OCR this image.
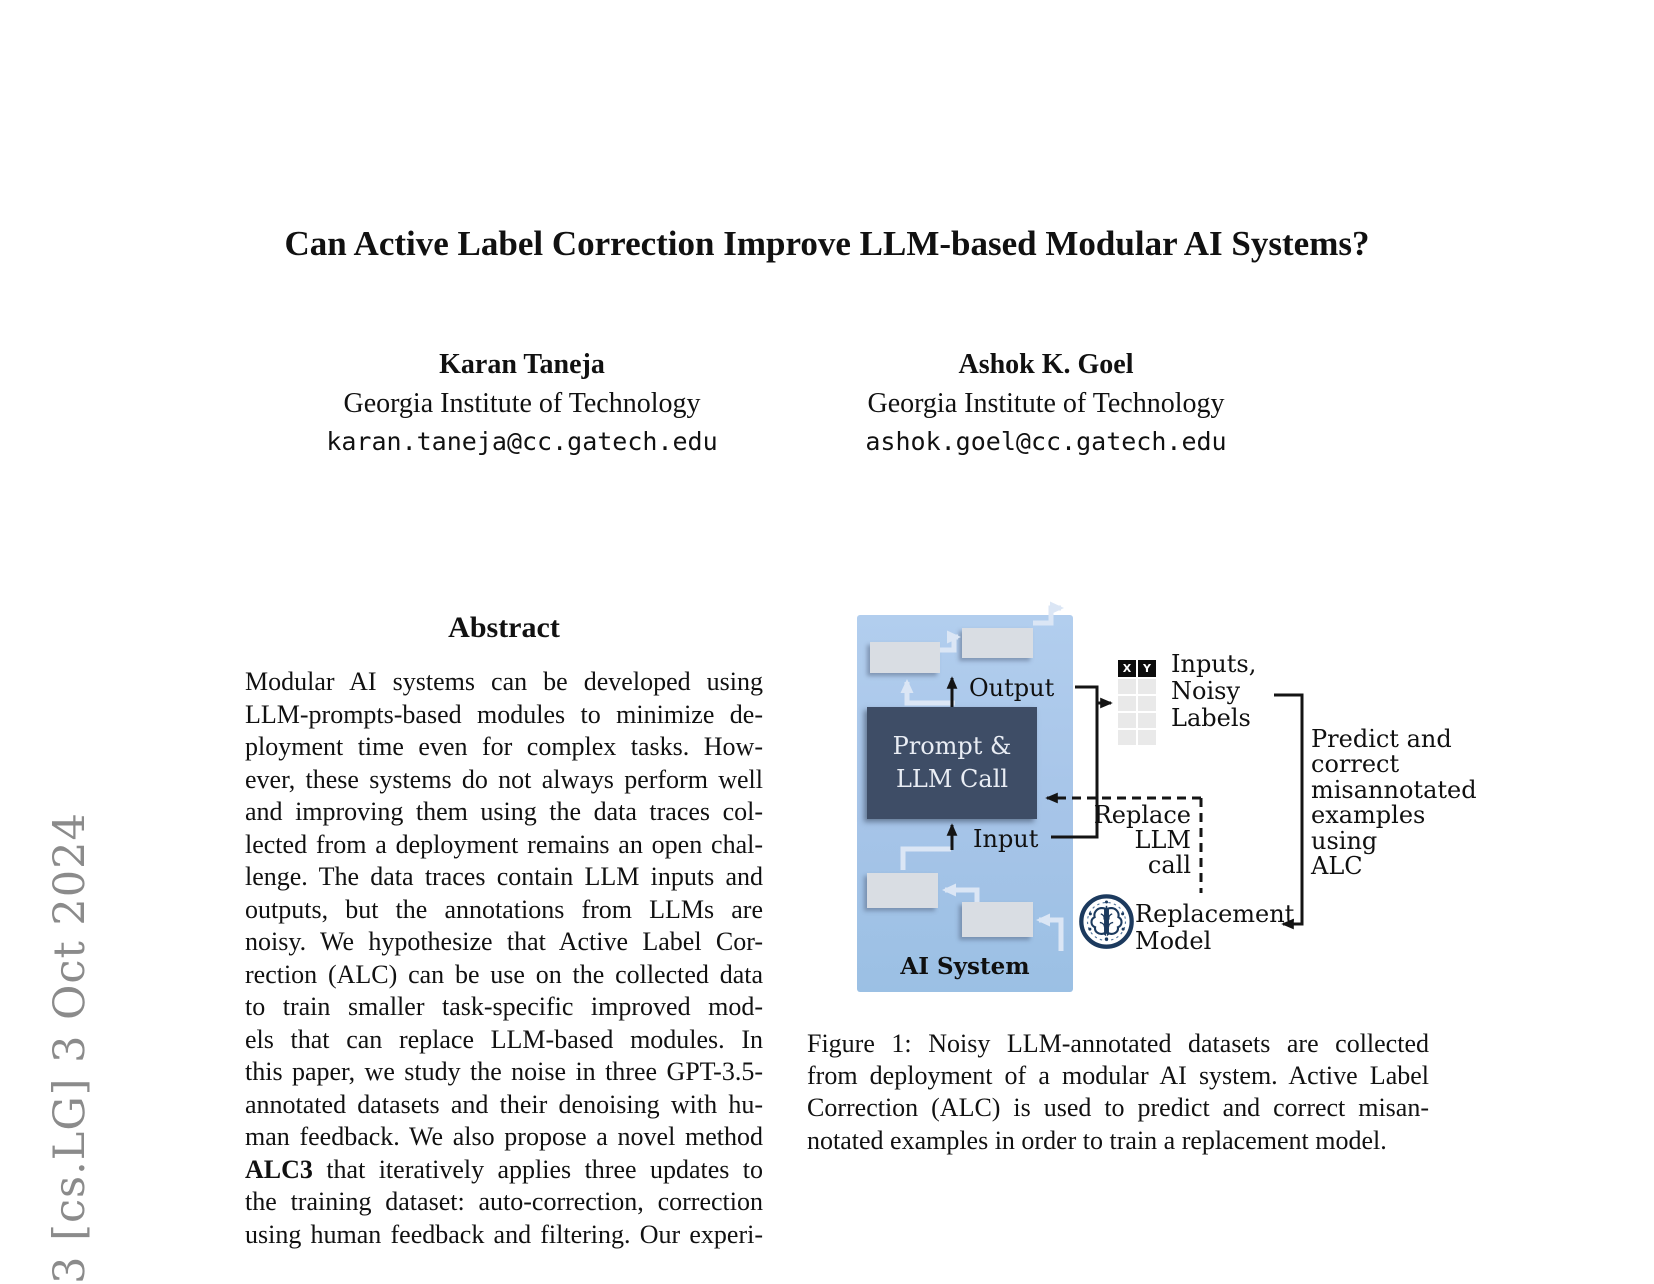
3 [cs.LG] 3 Oct 2024
Can Active Label Correction Improve LLM-based Modular AI Systems?
Karan Taneja
Georgia Institute of Technology
karan.taneja@cc.gatech.edu
Ashok K. Goel
Georgia Institute of Technology
ashok.goel@cc.gatech.edu
Abstract
Modular AI systems can be developed using
LLM-prompts-based modules to minimize de-
ployment time even for complex tasks. How-
ever, these systems do not always perform well
and improving them using the data traces col-
lected from a deployment remains an open chal-
lenge. The data traces contain LLM inputs and
outputs, but the annotations from LLMs are
noisy. We hypothesize that Active Label Cor-
rection (ALC) can be use on the collected data
to train smaller task-specific improved mod-
els that can replace LLM-based modules. In
this paper, we study the noise in three GPT-3.5-
annotated datasets and their denoising with hu-
man feedback. We also propose a novel method
ALC3 that iteratively applies three updates to
the training dataset: auto-correction, correction
using human feedback and filtering. Our experi-
Prompt &
LLM Call
X	Y
Output
Input
AI System
Inputs,
Noisy
Labels
Replace
LLM
call
Replacement
Model
Predict and
correct
misannotated
examples
using
ALC
Figure 1: Noisy LLM-annotated datasets are collected
from deployment of a modular AI system. Active Label
Correction (ALC) is used to predict and correct misan-
notated examples in order to train a replacement model.
